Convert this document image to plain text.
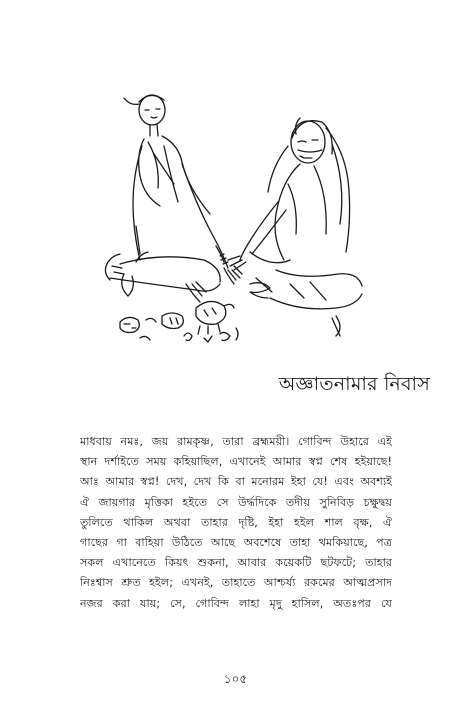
অজ্ঞাতনামার নিবাস
মাধবায় নমঃ, জয় রামকৃষ্ণ, তারা ব্রহ্মময়ী। গোবিন্দ উহারে এই
স্থান দর্শাইতে সময় কহিয়াছিল, এখানেই আমার স্বপ্ন শেষ হইয়াছে!
আঃ আমার স্বপ্ন! দেখ, দেখ কি বা মনোরম ইহা যে! এবং অবশ্যই
ঐ জায়গার মৃত্তিকা হইতে সে উর্দ্ধদিকে তদীয় সুনিবিড় চক্ষুদ্বয়
তুলিতে থাকিল অথবা তাহার দৃষ্টি, ইহা হইল শাল বৃক্ষ, ঐ
গাছের গা বাহিয়া উঠিতে আছে অবশেষে তাহা থমকিয়াছে, পত্র
সকল এখানেতে কিয়ৎ শুকনা, আবার কয়েকটি ছটফটে; তাহার
নিঃশ্বাস শ্রুত হইল; এখনই, তাহাতে আশ্চর্য্য রকমের আত্মপ্রসাদ
নজর করা যায়; সে, গোবিন্দ লাহা মৃদু হাসিল, অতঃপর যে
১০৫
